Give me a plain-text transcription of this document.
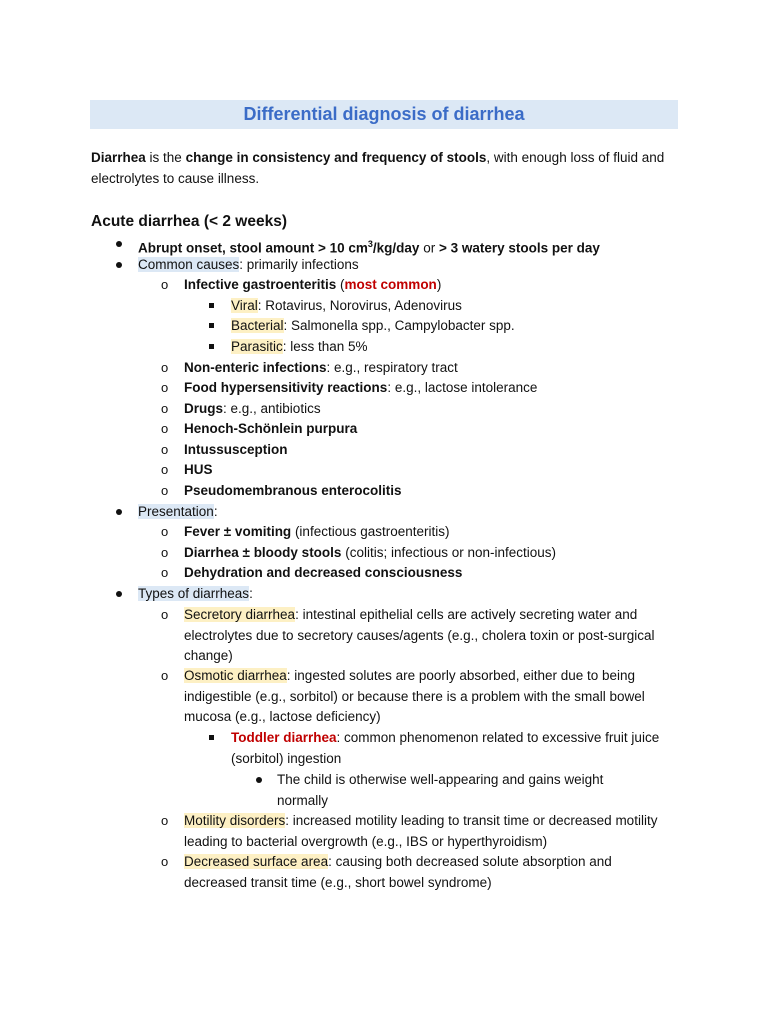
Differential diagnosis of diarrhea
Diarrhea is the change in consistency and frequency of stools, with enough loss of fluid and electrolytes to cause illness.
Acute diarrhea (< 2 weeks)
Abrupt onset, stool amount > 10 $cm^3/kg$/day or > 3 watery stools per day
Common causes: primarily infections
o Infective gastroenteritis (most common)
Viral: Rotavirus, Norovirus, Adenovirus
Bacterial: Salmonella spp., Campylobacter spp.
Parasitic: less than 5%
o Non-enteric infections: e.g., respiratory tract
o Food hypersensitivity reactions: e.g., lactose intolerance
o Drugs: e.g., antibiotics
o Henoch-Schönlein purpura
o Intussusception
o HUS
o Pseudomembranous enterocolitis
Presentation:
o Fever ± vomiting (infectious gastroenteritis)
o Diarrhea ± bloody stools (colitis; infectious or non-infectious)
o Dehydration and decreased consciousness
Types of diarrheas:
o Secretory diarrhea: intestinal epithelial cells are actively secreting water and electrolytes due to secretory causes/agents (e.g., cholera toxin or post-surgical change)
o Osmotic diarrhea: ingested solutes are poorly absorbed, either due to being indigestible (e.g., sorbitol) or because there is a problem with the small bowel mucosa (e.g., lactose deficiency)
Toddler diarrhea: common phenomenon related to excessive fruit juice (sorbitol) ingestion
The child is otherwise well-appearing and gains weight normally
o Motility disorders: increased motility leading to transit time or decreased motility leading to bacterial overgrowth (e.g., IBS or hyperthyroidism)
o Decreased surface area: causing both decreased solute absorption and decreased transit time (e.g., short bowel syndrome)
